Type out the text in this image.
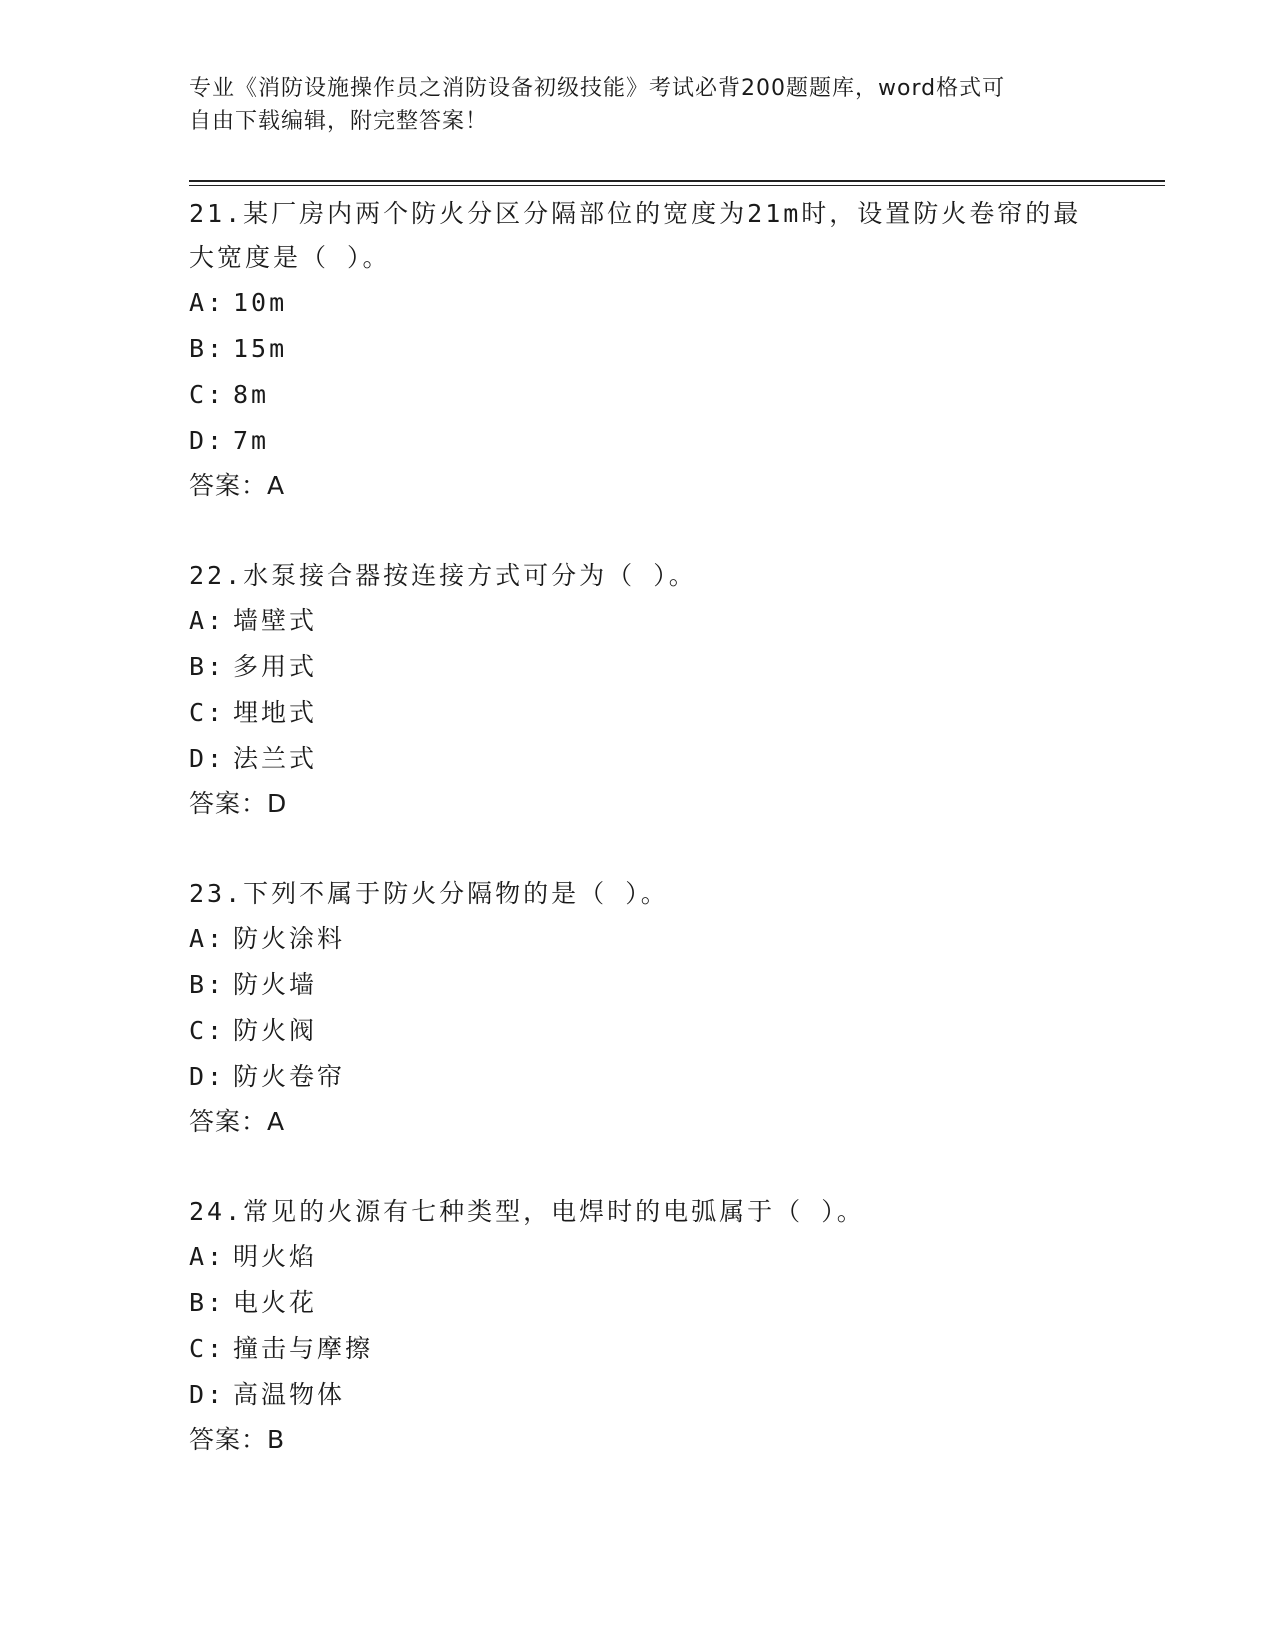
专业《消防设施操作员之消防设备初级技能》考试必背200题题库，word格式可
自由下载编辑，附完整答案！
21.某厂房内两个防火分区分隔部位的宽度为21m时，设置防火卷帘的最大宽度是（ ）。
A: 10m
B: 15m
C: 8m
D: 7m
答案： A
22.水泵接合器按连接方式可分为（ ）。
A: 墙壁式
B: 多用式
C: 埋地式
D: 法兰式
答案： D
23.下列不属于防火分隔物的是（ ）。
A: 防火涂料
B: 防火墙
C: 防火阀
D: 防火卷帘
答案： A
24.常见的火源有七种类型，电焊时的电弧属于（ ）。
A: 明火焰
B: 电火花
C: 撞击与摩擦
D: 高温物体
答案： B
